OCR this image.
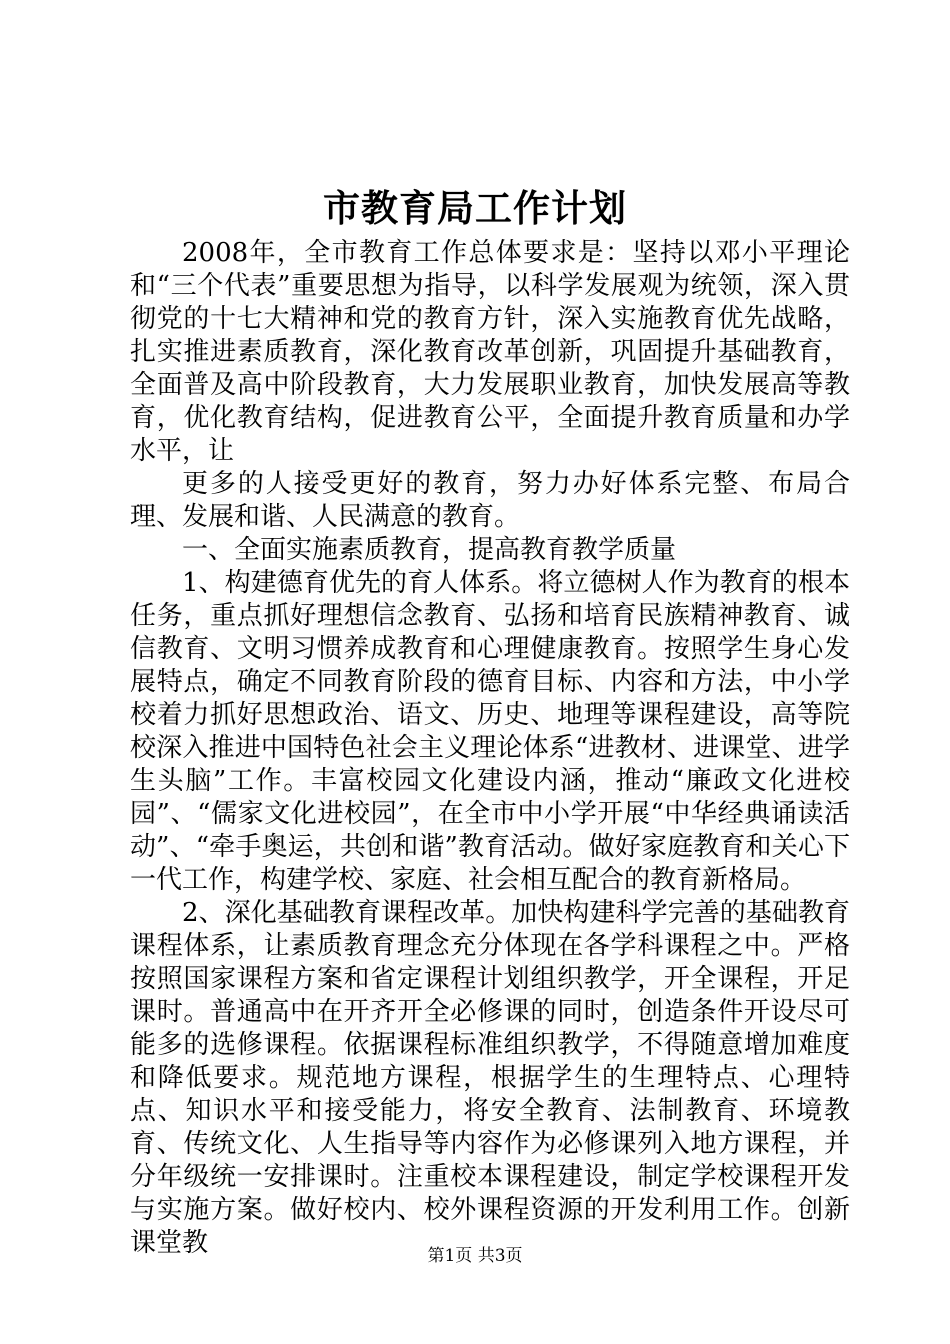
市教育局工作计划

2008年，全市教育工作总体要求是：坚持以邓小平理论和“三个代表”重要思想为指导，以科学发展观为统领，深入贯彻党的十七大精神和党的教育方针，深入实施教育优先战略，扎实推进素质教育，深化教育改革创新，巩固提升基础教育，全面普及高中阶段教育，大力发展职业教育，加快发展高等教育，优化教育结构，促进教育公平，全面提升教育质量和办学水平，让

更多的人接受更好的教育，努力办好体系完整、布局合理、发展和谐、人民满意的教育。

一、全面实施素质教育，提高教育教学质量

1、构建德育优先的育人体系。将立德树人作为教育的根本任务，重点抓好理想信念教育、弘扬和培育民族精神教育、诚信教育、文明习惯养成教育和心理健康教育。按照学生身心发展特点，确定不同教育阶段的德育目标、内容和方法，中小学校着力抓好思想政治、语文、历史、地理等课程建设，高等院校深入推进中国特色社会主义理论体系“进教材、进课堂、进学生头脑”工作。丰富校园文化建设内涵，推动“廉政文化进校园”、“儒家文化进校园”，在全市中小学开展“中华经典诵读活动”、“牵手奥运，共创和谐”教育活动。做好家庭教育和关心下一代工作，构建学校、家庭、社会相互配合的教育新格局。

2、深化基础教育课程改革。加快构建科学完善的基础教育课程体系，让素质教育理念充分体现在各学科课程之中。严格按照国家课程方案和省定课程计划组织教学，开全课程，开足课时。普通高中在开齐开全必修课的同时，创造条件开设尽可能多的选修课程。依据课程标准组织教学，不得随意增加难度和降低要求。规范地方课程，根据学生的生理特点、心理特点、知识水平和接受能力，将安全教育、法制教育、环境教育、传统文化、人生指导等内容作为必修课列入地方课程，并分年级统一安排课时。注重校本课程建设，制定学校课程开发与实施方案。做好校内、校外课程资源的开发利用工作。创新课堂教	第1页 共3页
